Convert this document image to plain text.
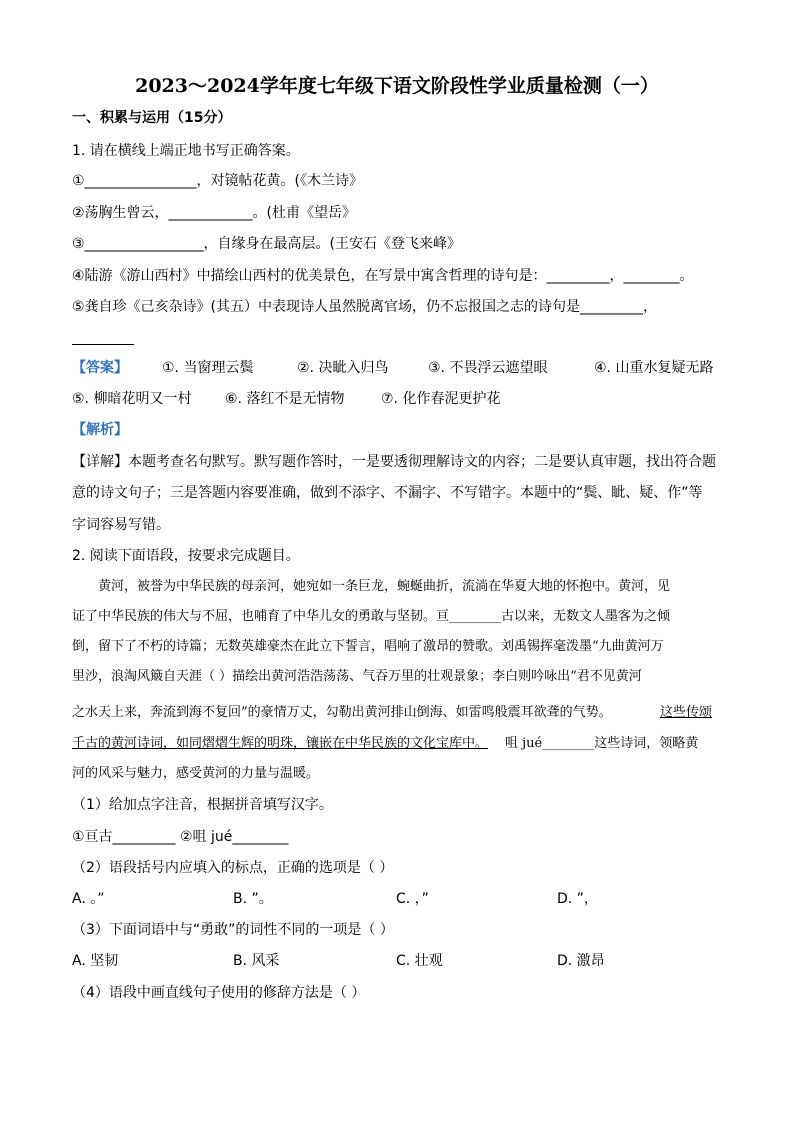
2023～2024学年度七年级下语文阶段性学业质量检测（一）
一、积累与运用（15分）
1. 请在横线上端正地书写正确答案。
①________________，对镜帖花黄。(《木兰诗》
②荡胸生曾云，____________。(杜甫《望岳》
③_________________，自缘身在最高层。(王安石《登飞来峰》
④陆游《游山西村》中描绘山西村的优美景色，在写景中寓含哲理的诗句是：_________，________。
⑤龚自珍《己亥杂诗》(其五）中表现诗人虽然脱离官场，仍不忘报国之志的诗句是_________，
【答案】 ①. 当窗理云鬓	②. 决眦入归鸟	③. 不畏浮云遮望眼	④. 山重水复疑无路
⑤. 柳暗花明又一村 ⑥. 落红不是无情物	⑦. 化作春泥更护花
【解析】
【详解】本题考查名句默写。默写题作答时，一是要透彻理解诗文的内容；二是要认真审题，找出符合题
意的诗文句子；三是答题内容要准确，做到不添字、不漏字、不写错字。本题中的“鬓、眦、疑、作”等
字词容易写错。
2. 阅读下面语段，按要求完成题目。
黄河，被誉为中华民族的母亲河，她宛如一条巨龙，蜿蜒曲折，流淌在华夏大地的怀抱中。黄河，见
证了中华民族的伟大与不屈，也哺育了中华儿女的勇敢与坚韧。亘________古以来，无数文人墨客为之倾
倒，留下了不朽的诗篇；无数英雄豪杰在此立下誓言，唱响了激昂的赞歌。刘禹锡挥毫泼墨“九曲黄河万
里沙，浪淘风簸自天涯（ ）描绘出黄河浩浩荡荡、气吞万里的壮观景象；李白则吟咏出“君不见黄河
之水天上来，奔流到海不复回”的豪情万丈，勾勒出黄河排山倒海、如雷鸣般震耳欲聋的气势。	这些传颂
千古的黄河诗词，如同熠熠生辉的明珠，镶嵌在中华民族的文化宝库中。 咀 jué________这些诗词，领略黄
河的风采与魅力，感受黄河的力量与温暖。
（1）给加点字注音，根据拼音填写汉字。
①亘古_________ ②咀 jué________
（2）语段括号内应填入的标点，正确的选项是（ ）
A. 。”	B. ”。	C. ，”	D. ”，
（3）下面词语中与“勇敢”的词性不同的一项是（ ）
A. 坚韧	B. 风采	C. 壮观	D. 激昂
（4）语段中画直线句子使用的修辞方法是（ ）
